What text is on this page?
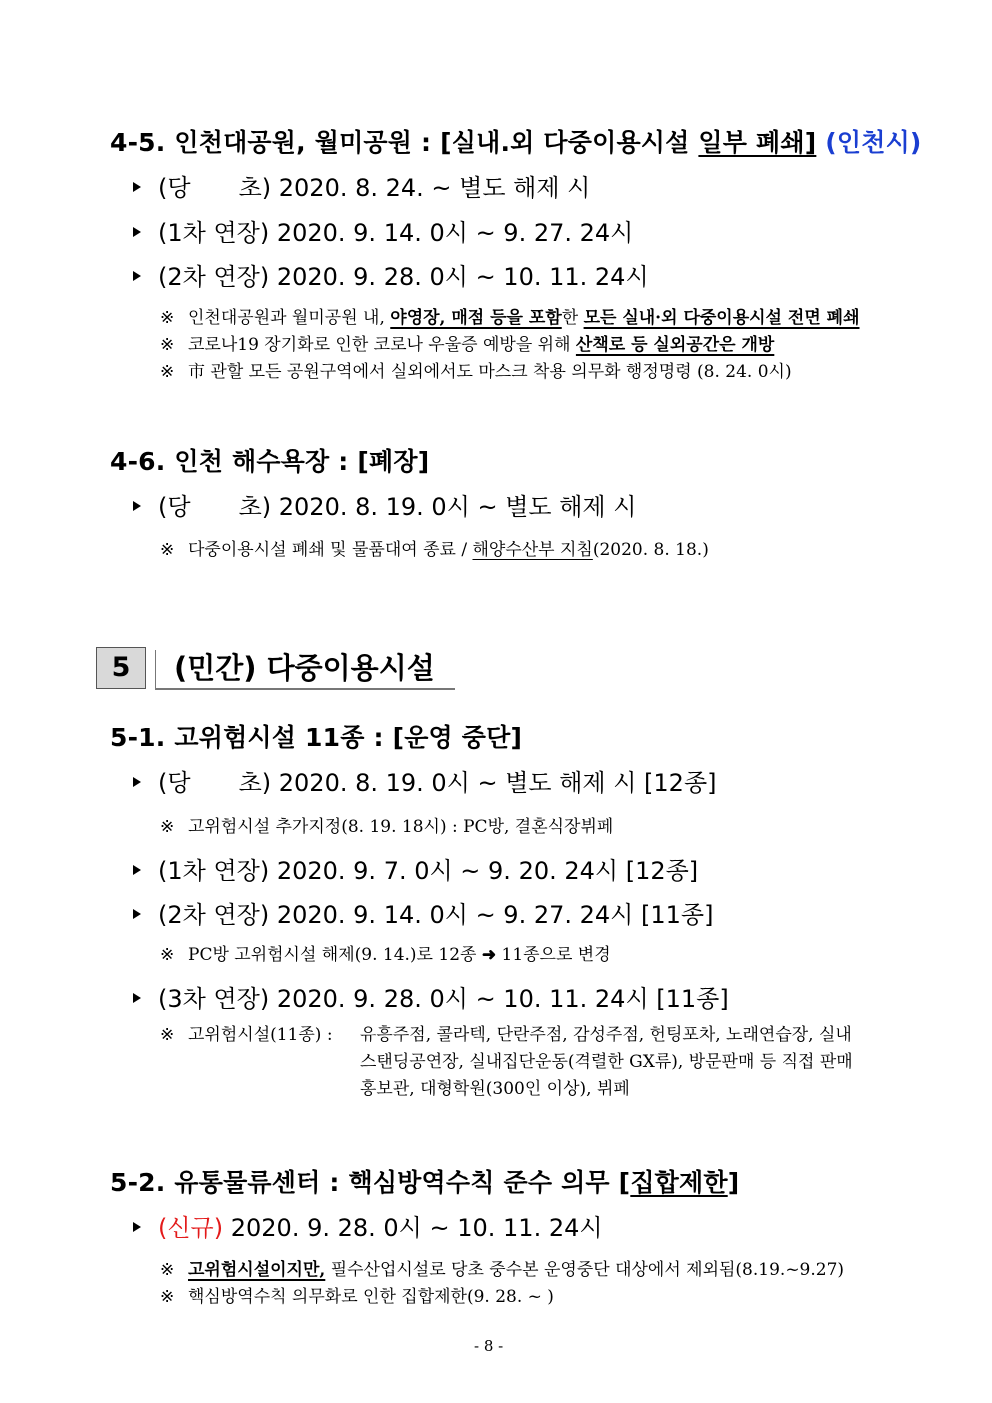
4-5. 인천대공원, 월미공원 : [실내.외 다중이용시설 일부 폐쇄] (인천시)
(당 초)
2020. 8. 24. ~ 별도 해제 시
(1차 연장)
2020. 9. 14. 0시 ~ 9. 27. 24시
(2차 연장)
2020. 9. 28. 0시 ~ 10. 11. 24시
※ 인천대공원과 월미공원 내, 야영장, 매점 등을 포함한 모든 실내·외 다중이용시설 전면 폐쇄
※ 코로나19 장기화로 인한 코로나 우울증 예방을 위해 산책로 등 실외공간은 개방
※ 市 관할 모든 공원구역에서 실외에서도 마스크 착용 의무화 행정명령 (8. 24. 0시)
4-6. 인천 해수욕장 : [폐장]
(당 초)
2020. 8. 19. 0시 ~ 별도 해제 시
※ 다중이용시설 폐쇄 및 물품대여 종료 / 해양수산부 지침(2020. 8. 18.)
5	(민간) 다중이용시설
5-1. 고위험시설 11종 : [운영 중단]
(당 초)
2020. 8. 19. 0시 ~ 별도 해제 시 [12종]
※ 고위험시설 추가지정(8. 19. 18시) : PC방, 결혼식장뷔페
(1차 연장)
2020. 9. 7. 0시 ~ 9. 20. 24시 [12종]
(2차 연장)
2020. 9. 14. 0시 ~ 9. 27. 24시 [11종]
※ PC방 고위험시설 해제(9. 14.)로 12종 ➜ 11종으로 변경
(3차 연장)
2020. 9. 28. 0시 ~ 10. 11. 24시 [11종]
※ 고위험시설(11종) : 유흥주점, 콜라텍, 단란주점, 감성주점, 헌팅포차, 노래연습장, 실내
스탠딩공연장, 실내집단운동(격렬한 GX류), 방문판매 등 직접 판매
홍보관, 대형학원(300인 이상), 뷔페
5-2. 유통물류센터 : 핵심방역수칙 준수 의무 [집합제한]
(신규)
2020. 9. 28. 0시 ~ 10. 11. 24시
※ 고위험시설이지만, 필수산업시설로 당초 중수본 운영중단 대상에서 제외됨(8.19.~9.27)
※ 핵심방역수칙 의무화로 인한 집합제한(9. 28. ~ )
- 8 -
